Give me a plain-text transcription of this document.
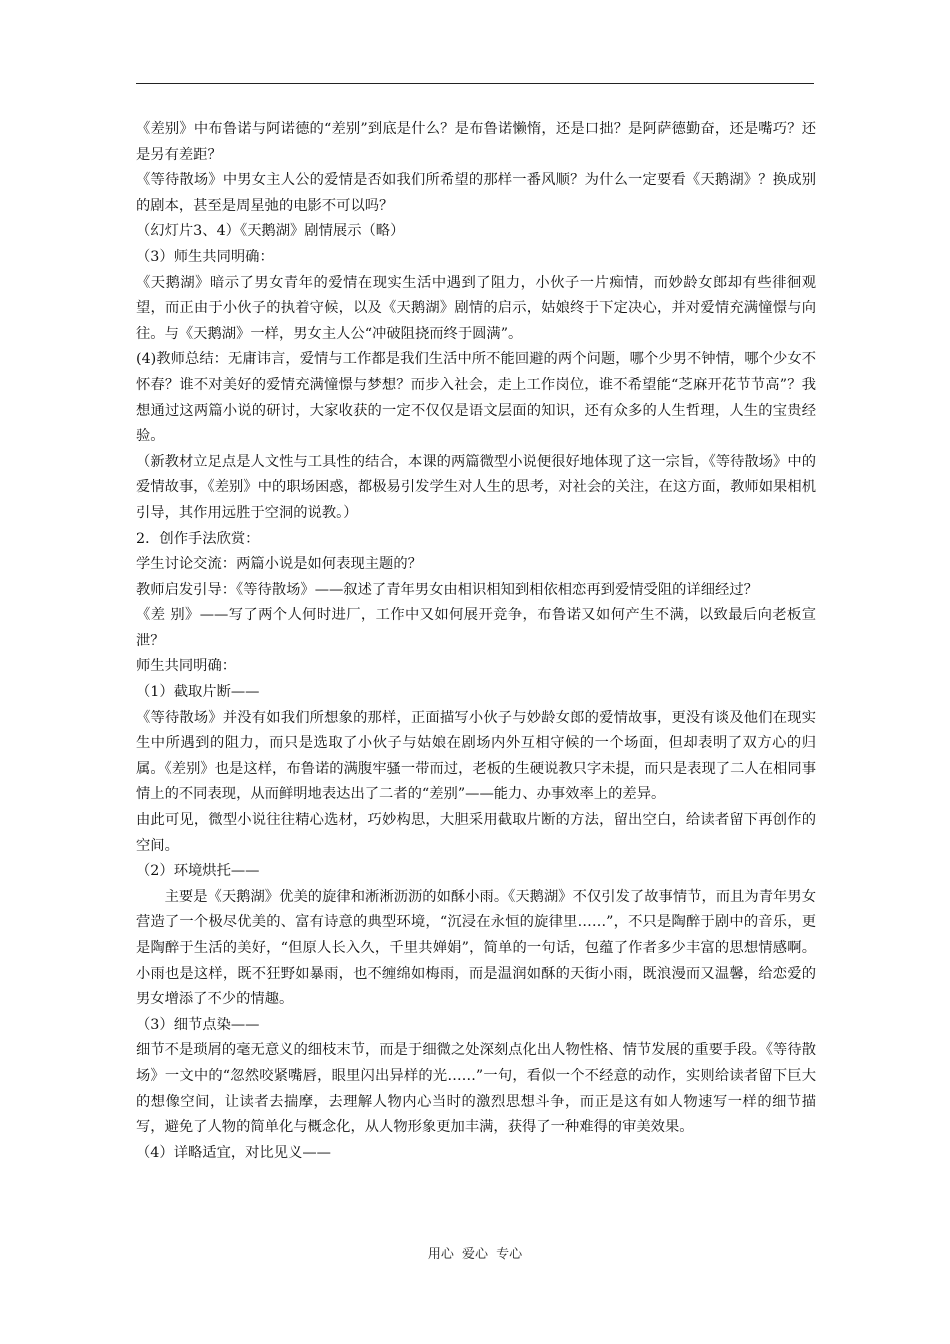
《差别》中布鲁诺与阿诺德的“差别”到底是什么？是布鲁诺懒惰，还是口拙？是阿萨德勤奋，还是嘴巧？还是另有差距？

《等待散场》中男女主人公的爱情是否如我们所希望的那样一番风顺？为什么一定要看《天鹅湖》？换成别的剧本，甚至是周星弛的电影不可以吗？

（幻灯片3、4）《天鹅湖》剧情展示（略）

（3）师生共同明确：

《天鹅湖》暗示了男女青年的爱情在现实生活中遇到了阻力，小伙子一片痴情，而妙龄女郎却有些徘徊观望，而正由于小伙子的执着守候，以及《天鹅湖》剧情的启示，姑娘终于下定决心，并对爱情充满憧憬与向往。与《天鹅湖》一样，男女主人公“冲破阻挠而终于圆满”。

(4)教师总结：无庸讳言，爱情与工作都是我们生活中所不能回避的两个问题，哪个少男不钟情，哪个少女不怀春？谁不对美好的爱情充满憧憬与梦想？而步入社会，走上工作岗位，谁不希望能“芝麻开花节节高”？我想通过这两篇小说的研讨，大家收获的一定不仅仅是语文层面的知识，还有众多的人生哲理，人生的宝贵经验。

（新教材立足点是人文性与工具性的结合，本课的两篇微型小说便很好地体现了这一宗旨，《等待散场》中的爱情故事，《差别》中的职场困惑，都极易引发学生对人生的思考，对社会的关注，在这方面，教师如果相机引导，其作用远胜于空洞的说教。）

2．创作手法欣赏：

学生讨论交流：两篇小说是如何表现主题的？

教师启发引导：《等待散场》——叙述了青年男女由相识相知到相依相恋再到爱情受阻的详细经过？

《差 别》——写了两个人何时进厂，工作中又如何展开竞争，布鲁诺又如何产生不满，以致最后向老板宣泄？

师生共同明确：

（1）截取片断——

《等待散场》并没有如我们所想象的那样，正面描写小伙子与妙龄女郎的爱情故事，更没有谈及他们在现实生中所遇到的阻力，而只是选取了小伙子与姑娘在剧场内外互相守候的一个场面，但却表明了双方心的归属。《差别》也是这样，布鲁诺的满腹牢骚一带而过，老板的生硬说教只字未提，而只是表现了二人在相同事情上的不同表现，从而鲜明地表达出了二者的“差别”——能力、办事效率上的差异。

由此可见，微型小说往往精心选材，巧妙构思，大胆采用截取片断的方法，留出空白，给读者留下再创作的空间。

（2）环境烘托——

主要是《天鹅湖》优美的旋律和淅淅沥沥的如酥小雨。《天鹅湖》不仅引发了故事情节，而且为青年男女营造了一个极尽优美的、富有诗意的典型环境，“沉浸在永恒的旋律里……”，不只是陶醉于剧中的音乐，更是陶醉于生活的美好，“但原人长入久，千里共婵娟”，简单的一句话，包蕴了作者多少丰富的思想情感啊。小雨也是这样，既不狂野如暴雨，也不缠绵如梅雨，而是温润如酥的天街小雨，既浪漫而又温馨，给恋爱的男女增添了不少的情趣。

（3）细节点染——

细节不是琐屑的毫无意义的细枝末节，而是于细微之处深刻点化出人物性格、情节发展的重要手段。《等待散场》一文中的“忽然咬紧嘴唇，眼里闪出异样的光……”一句，看似一个不经意的动作，实则给读者留下巨大的想像空间，让读者去揣摩，去理解人物内心当时的激烈思想斗争，而正是这有如人物速写一样的细节描写，避免了人物的简单化与概念化，从人物形象更加丰满，获得了一种难得的审美效果。

（4）详略适宜，对比见义——

用心 爱心 专心
